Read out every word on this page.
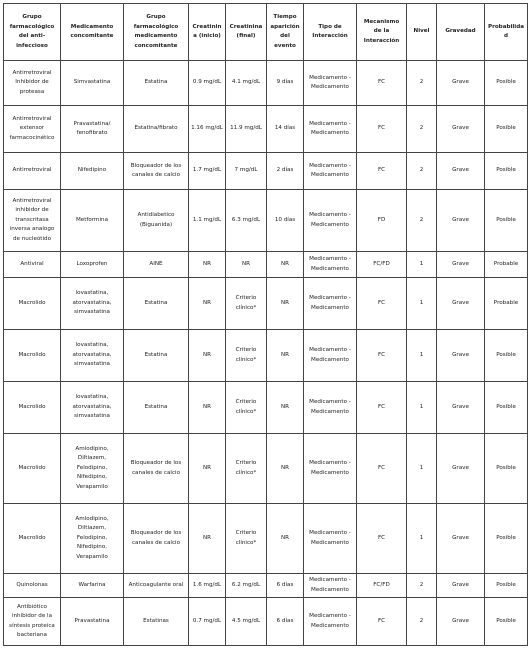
Grupo farmacológico del anti-infeccioso	Medicamento concomitante	Grupo farmacológico medicamento concomitante	Creatinina (inicio)	Creatinina (final)	Tiempo aparición del evento	Tipo de Interacción	Mecanismo de la Interacción	Nivel	Gravedad	Probabilidad
Antirretroviral Inhibidor de proteasa	Simvastatina	Estatina	0.9 mg/dL	4.1 mg/dL	9 días	Medicamento - Medicamento	FC	2	Grave	Posible
Antirretroviral extensor farmacocinético	Pravastatina/ fenofibrato	Estatina/fibrato	1.16 mg/dL	11.9 mg/dL	14 días	Medicamento - Medicamento	FC	2	Grave	Posible
Antirretroviral	Nifedipino	Bloqueador de los canales de calcio	1.7 mg/dL	7 mg/dL	2 días	Medicamento - Medicamento	FC	2	Grave	Posible
Antirretroviral inhibidor de transcritasa inversa analogo de nucleótido	Metformina	Antidiabetico (Biguanida)	1.1 mg/dL	6.3 mg/dL	10 días	Medicamento - Medicamento	FD	2	Grave	Posible
Antiviral	Loxoprofen	AINE	NR	NR	NR	Medicamento - Medicamento	FC/FD	1	Grave	Probable
Macrolido	lovastatina, atorvastatina, simvastatina	Estatina	NR	Criterio clínico*	NR	Medicamento - Medicamento	FC	1	Grave	Probable
Macrolido	lovastatina, atorvastatina, simvastatina	Estatina	NR	Criterio clínico*	NR	Medicamento - Medicamento	FC	1	Grave	Posible
Macrolido	lovastatina, atorvastatina, simvastatina	Estatina	NR	Criterio clínico*	NR	Medicamento - Medicamento	FC	1	Grave	Posible
Macrolido	Amlodipino, Diltiazem, Felodipino, Nifedipino, Verapamilo	Bloqueador de los canales de calcio	NR	Criterio clínico*	NR	Medicamento - Medicamento	FC	1	Grave	Posible
Macrolido	Amlodipino, Diltiazem, Felodipino, Nifedipino, Verapamilo	Bloqueador de los canales de calcio	NR	Criterio clínico*	NR	Medicamento - Medicamento	FC	1	Grave	Posible
Quinolonas	Warfarina	Anticoagulante oral	1.6 mg/dL	6.2 mg/dL	6 días	Medicamento - Medicamento	FC/FD	2	Grave	Posible
Antibiótico inhibidor de la síntesis proteica bacteriana	Pravastatina	Estatinas	0.7 mg/dL	4.5 mg/dL	6 días	Medicamento - Medicamento	FC	2	Grave	Posible
